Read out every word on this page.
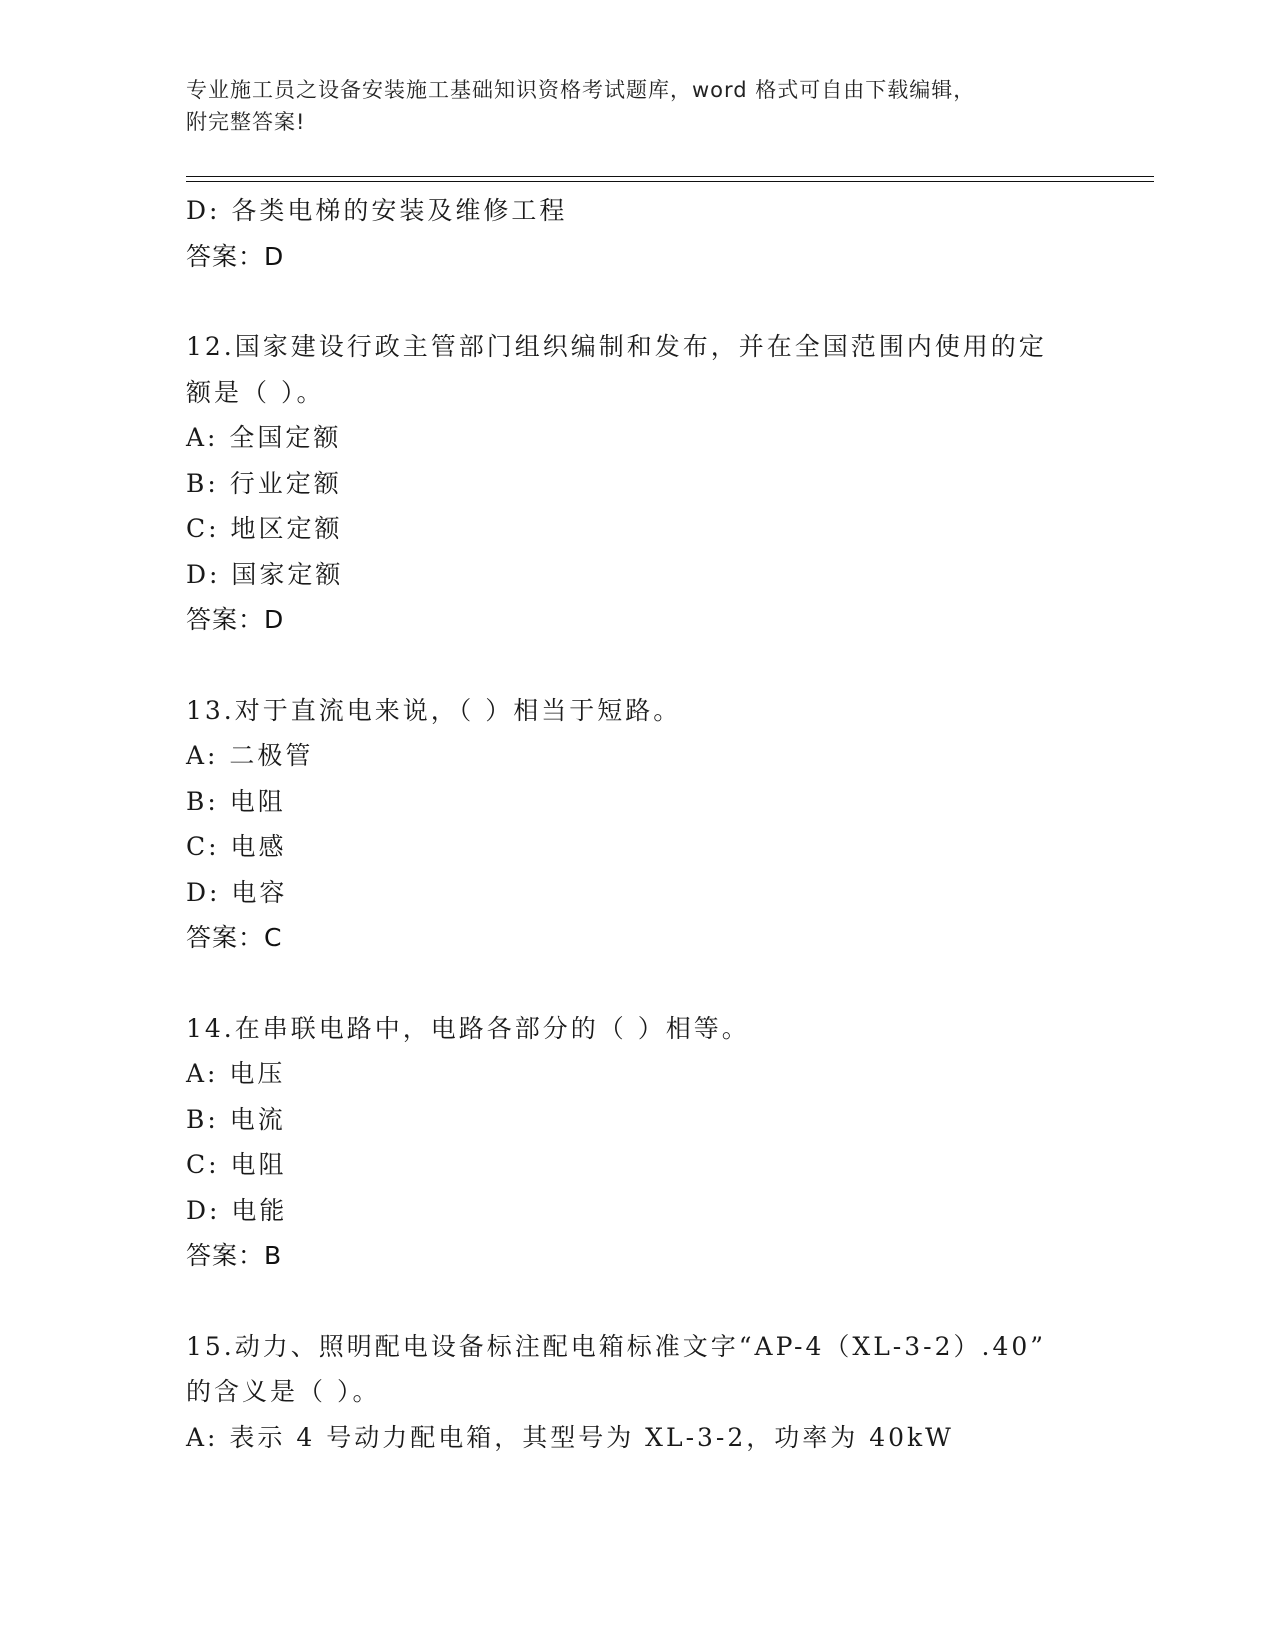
专业施工员之设备安装施工基础知识资格考试题库，word 格式可自由下载编辑，
附完整答案!
D: 各类电梯的安装及维修工程
答案：D
12.国家建设行政主管部门组织编制和发布，并在全国范围内使用的定
额是（ ）。
A: 全国定额
B: 行业定额
C: 地区定额
D: 国家定额
答案：D
13.对于直流电来说，（ ）相当于短路。
A: 二极管
B: 电阻
C: 电感
D: 电容
答案：C
14.在串联电路中，电路各部分的（ ）相等。
A: 电压
B: 电流
C: 电阻
D: 电能
答案：B
15.动力、照明配电设备标注配电箱标准文字“AP-4（XL-3-2）.40”
的含义是（ ）。
A: 表示 4 号动力配电箱，其型号为 XL-3-2，功率为 40kW
